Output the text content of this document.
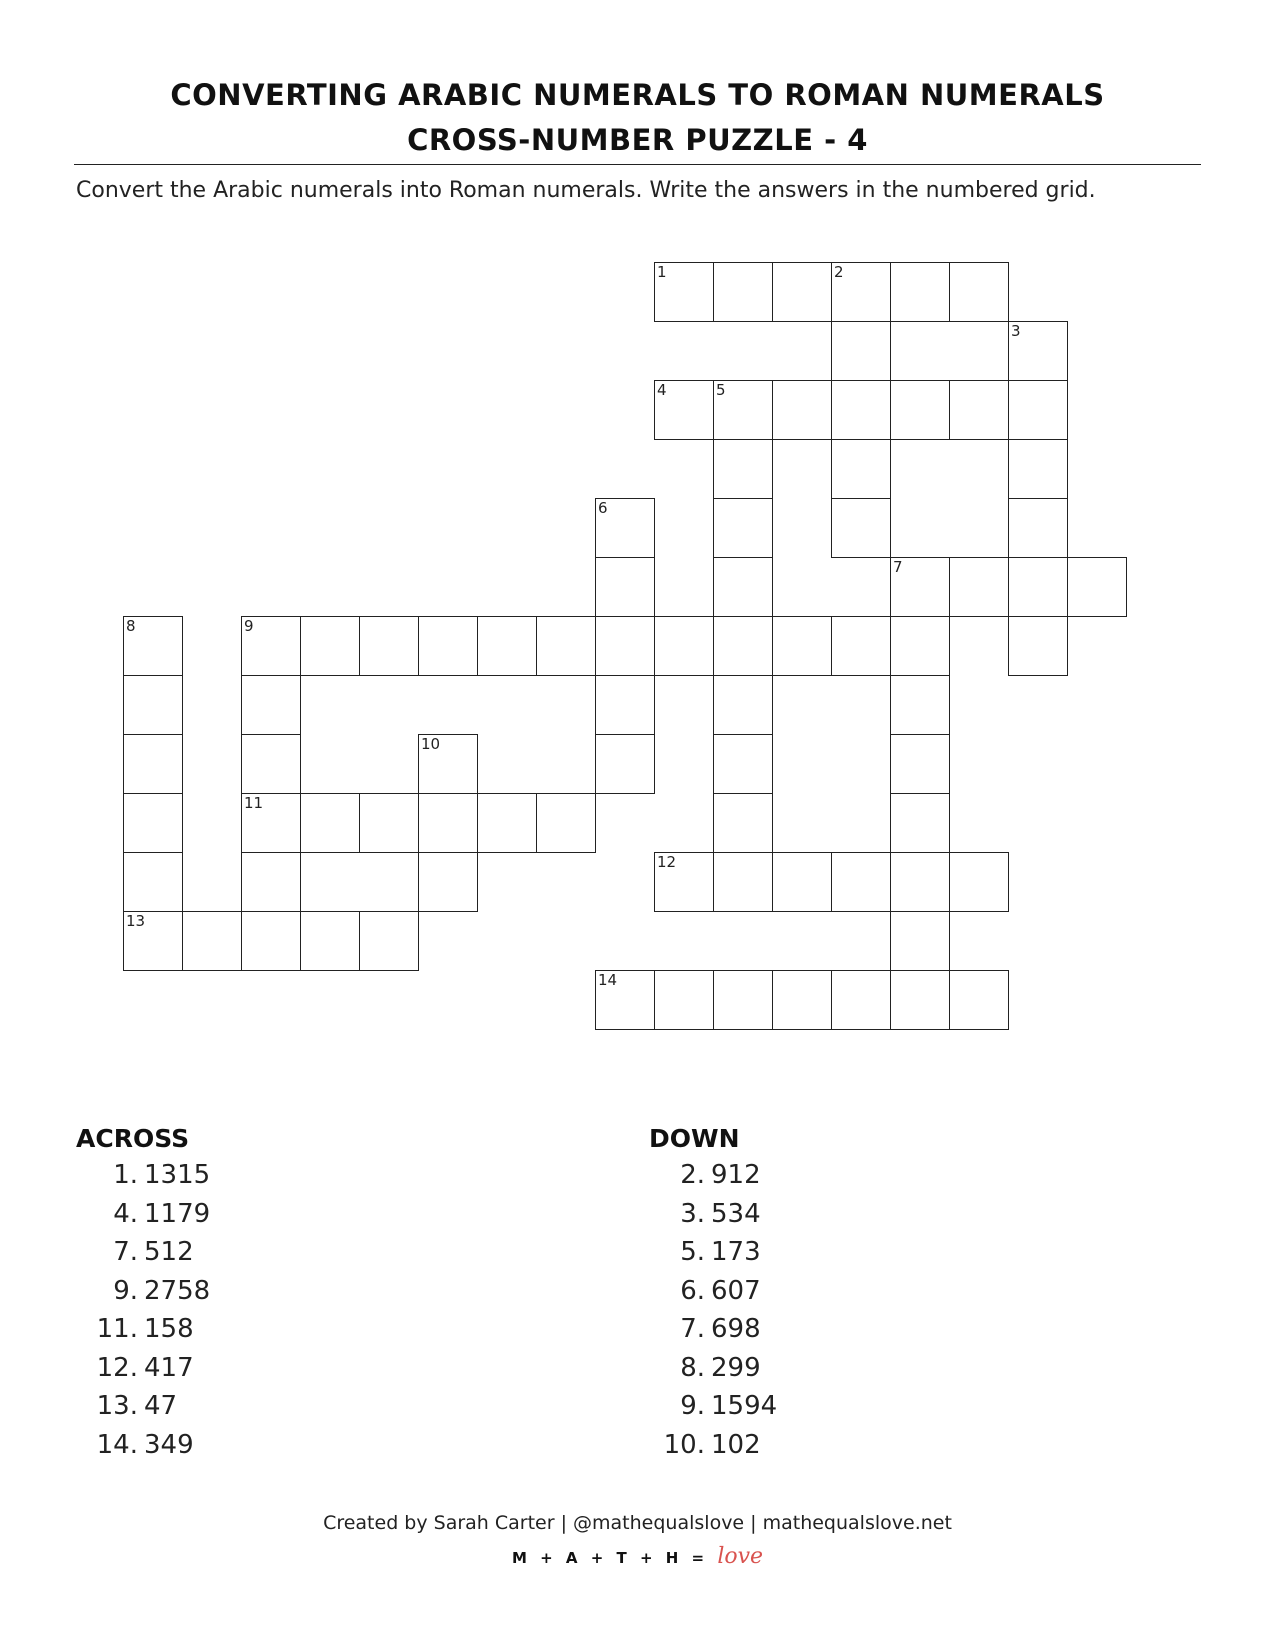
CONVERTING ARABIC NUMERALS TO ROMAN NUMERALS
CROSS-NUMBER PUZZLE - 4
Convert the Arabic numerals into Roman numerals. Write the answers in the numbered grid.
1	2
3
4	5
6
7
8	9
11
10
12
13
14
ACROSS	DOWN
1. 1315
4. 1179
7. 512
9. 2758
11. 158
12. 417
13. 47
14. 349
2. 912
3. 534
5. 173
6. 607
7. 698
8. 299
9. 1594
10. 102
Created by Sarah Carter | @mathequalslove | mathequalslove.net
M + A + T + H = love
